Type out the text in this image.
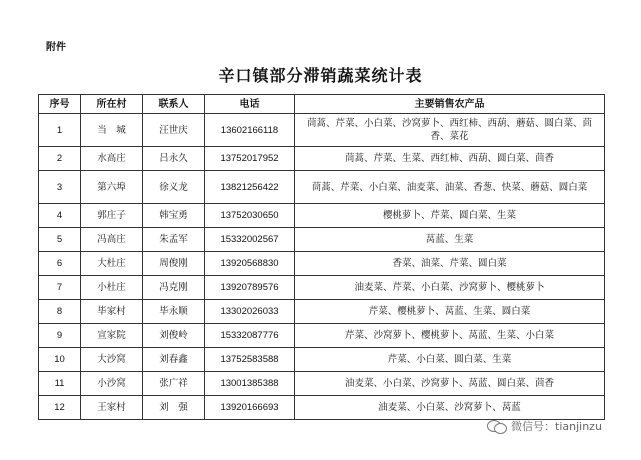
附件
辛口镇部分滞销蔬菜统计表
序号	所在村	联系人	电话	主要销售农产品
1	当　城	汪世庆	13602166118	茼蒿、芹菜、小白菜、沙窝萝卜、西红柿、西葫、蘑菇、圆白菜、茴香、菜花
2	水高庄	吕永久	13752017952	茼蒿、芹菜、生菜、西红柿、西葫、圆白菜、茴香
3	第六埠	徐义龙	13821256422	茼蒿、芹菜、小白菜、油麦菜、油菜、香葱、快菜、蘑菇、圆白菜
4	郭庄子	韩宝勇	13752030650	樱桃萝卜、芹菜、圆白菜、生菜
5	冯高庄	朱孟军	15332002567	莴蓝、生菜
6	大杜庄	周俊刚	13920568830	香菜、油菜、芹菜、圆白菜
7	小杜庄	冯克刚	13920789576	油麦菜、芹菜、小白菜、沙窝萝卜、樱桃萝卜
8	毕家村	毕永顺	13302026033	芹菜、樱桃萝卜、莴蓝、生菜、圆白菜
9	宣家院	刘俊岭	15332087776	芹菜、沙窝萝卜、樱桃萝卜、莴蓝、生菜、小白菜
10	大沙窝	刘春鑫	13752583588	芹菜、小白菜、圆白菜、生菜
11	小沙窝	张广祥	13001385388	油麦菜、小白菜、沙窝萝卜、莴蓝、圆白菜、茴香
12	王家村	刘　强	13920166693	油麦菜、小白菜、沙窝萝卜、莴蓝
微信号：tianjinzu
